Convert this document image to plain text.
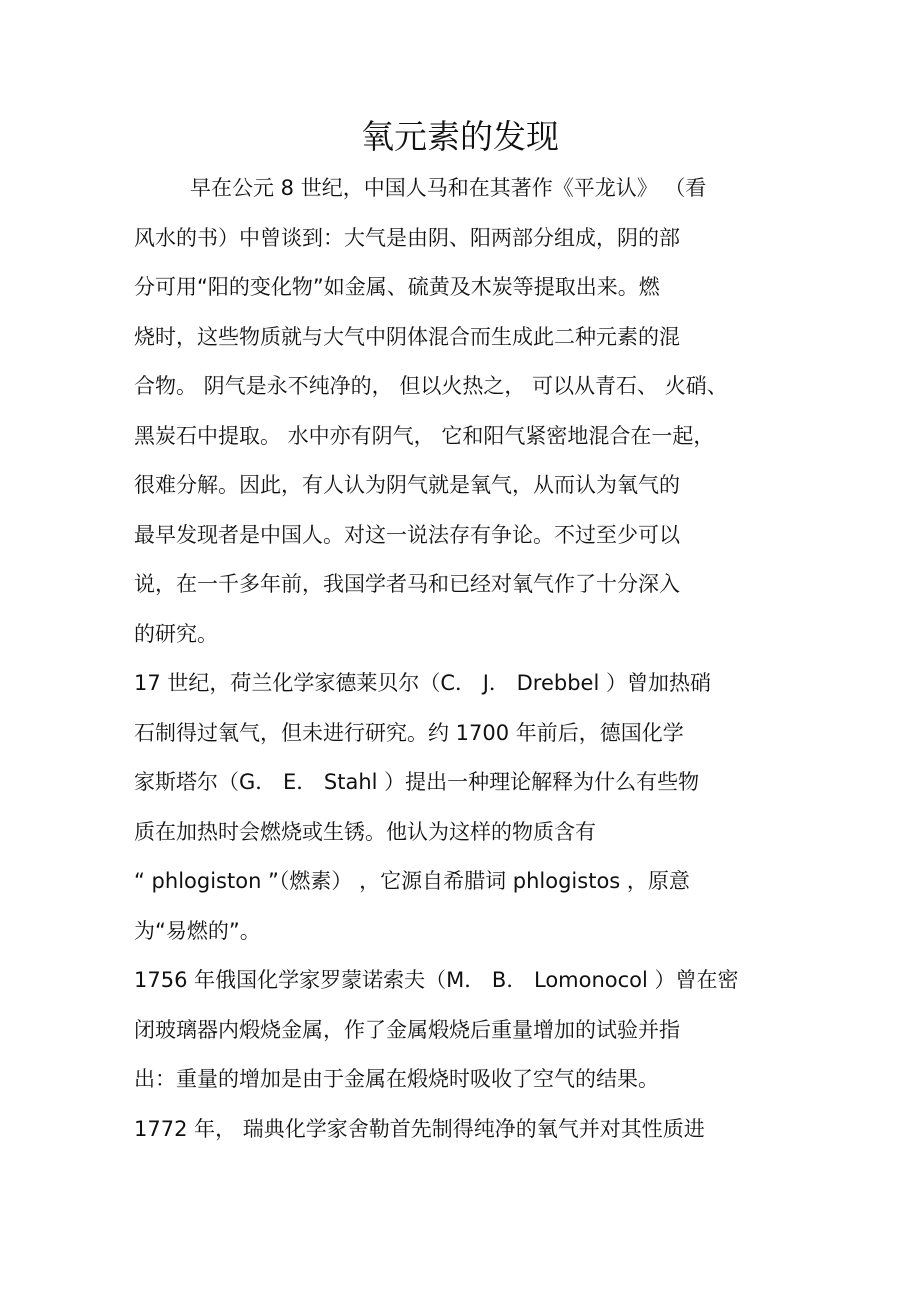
氧元素的发现
早在公元 8 世纪，中国人马和在其著作《平龙认》 （看
风水的书）中曾谈到：大气是由阴、阳两部分组成，阴的部
分可用“阳的变化物”如金属、硫黄及木炭等提取出来。燃
烧时，这些物质就与大气中阴体混合而生成此二种元素的混
合物。 阴气是永不纯净的， 但以火热之， 可以从青石、 火硝、
黑炭石中提取。 水中亦有阴气， 它和阳气紧密地混合在一起，
很难分解。因此，有人认为阴气就是氧气，从而认为氧气的
最早发现者是中国人。对这一说法存有争论。不过至少可以
说，在一千多年前，我国学者马和已经对氧气作了十分深入
的研究。
17 世纪，荷兰化学家德莱贝尔（C． J． Drebbel ）曾加热硝
石制得过氧气，但未进行研究。约 1700 年前后，德国化学
家斯塔尔（G． E． Stahl ）提出一种理论解释为什么有些物
质在加热时会燃烧或生锈。他认为这样的物质含有
“ phlogiston ”（燃素） ，它源自希腊词 phlogistos ，原意
为“易燃的”。
1756 年俄国化学家罗蒙诺索夫（M． B． Lomonocol ）曾在密
闭玻璃器内煅烧金属，作了金属煅烧后重量增加的试验并指
出：重量的增加是由于金属在煅烧时吸收了空气的结果。
1772 年， 瑞典化学家舍勒首先制得纯净的氧气并对其性质进
